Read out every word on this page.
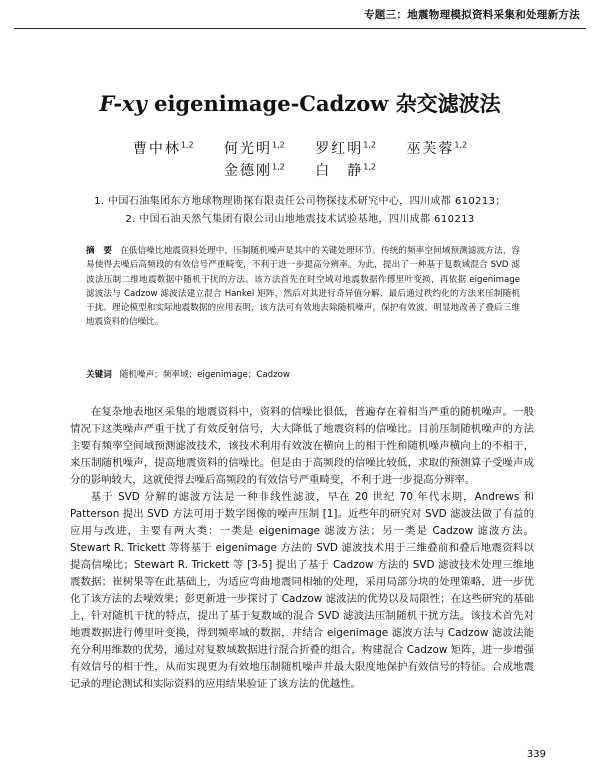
专题三：地震物理模拟资料采集和处理新方法
F-xy eigenimage-Cadzow 杂交滤波法
曹中林$^{1,2}$ 何光明$^{1,2}$ 罗红明$^{1,2}$ 巫芙蓉$^{1,2}$
金德刚$^{1,2}$ 白　静$^{1,2}$
1. 中国石油集团东方地球物理勘探有限责任公司物探技术研究中心，四川成都 610213；
2. 中国石油天然气集团有限公司山地地震技术试验基地，四川成都 610213
摘　要 在低信噪比地震资料处理中，压制随机噪声是其中的关键处理环节。传统的频率空间域预测滤波方法，容易使得去噪后高频段的有效信号严重畸变，不利于进一步提高分辨率。为此，提出了一种基于复数域混合 SVD 滤波法压制二维地震数据中随机干扰的方法。该方法首先在时空域对地震数据作傅里叶变换，再依据 eigenimage 滤波法与 Cadzow 滤波法建立混合 Hankel 矩阵，然后对其进行奇异值分解、最后通过秩约化的方法来压制随机干扰。理论模型和实际地震数据的应用表明，该方法可有效地去除随机噪声，保护有效波，明显地改善了叠后三维地震资料的信噪比。
关键词 随机噪声；频率域；eigenimage；Cadzow

在复杂地表地区采集的地震资料中，资料的信噪比很低，普遍存在着相当严重的随机噪声。一般情况下这类噪声严重干扰了有效反射信号，大大降低了地震资料的信噪比。目前压制随机噪声的方法主要有频率空间域预测滤波技术，该技术利用有效波在横向上的相干性和随机噪声横向上的不相干，来压制随机噪声，提高地震资料的信噪比。但是由于高频段的信噪比较低，求取的预测算子受噪声成分的影响较大，这就使得去噪后高频段的有效信号严重畸变，不利于进一步提高分辨率。

基于 SVD 分解的滤波方法是一种非线性滤波，早在 20 世纪 70 年代末期，Andrews 和 Patterson 提出 SVD 方法可用于数字图像的噪声压制 [1]。近些年的研究对 SVD 滤波法做了有益的应用与改进，主要有两大类：一类是 eigenimage 滤波方法；另一类是 Cadzow 滤波方法。Stewart R. Trickett 等将基于 eigenimage 方法的 SVD 滤波技术用于三维叠前和叠后地震资料以提高信噪比；Stewart R. Trickett 等 [3-5] 提出了基于 Cadzow 方法的 SVD 滤波技术处理三维地震数据；崔树果等在此基础上，为适应弯曲地震同相轴的处理，采用局部分块的处理策略，进一步优化了该方法的去噪效果；彭更新进一步探讨了 Cadzow 滤波法的优势以及局限性；在这些研究的基础上，针对随机干扰的特点，提出了基于复数域的混合 SVD 滤波法压制随机干扰方法。该技术首先对地震数据进行傅里叶变换，得到频率域的数据，并结合 eigenimage 滤波方法与 Cadzow 滤波法能充分利用维数的优势，通过对复数域数据进行混合折叠的组合，构建混合 Cadzow 矩阵，进一步增强有效信号的相干性，从而实现更为有效地压制随机噪声并最大限度地保护有效信号的特征。合成地震记录的理论测试和实际资料的应用结果验证了该方法的优越性。

339
